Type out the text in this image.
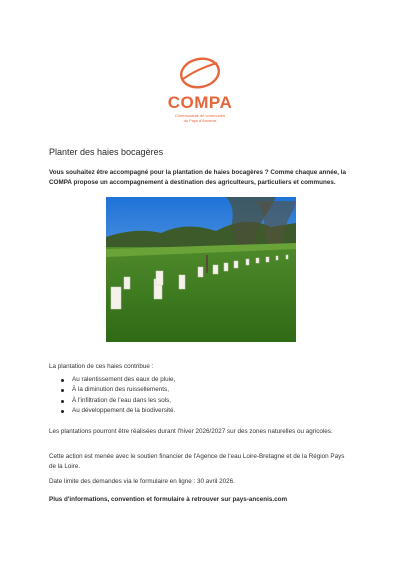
COMPA
Communauté de communes
du Pays d'Ancenis
Planter des haies bocagères
Vous souhaitez être accompagné pour la plantation de haies bocagères ? Comme chaque année, la COMPA propose un accompagnement à destination des agriculteurs, particuliers et communes.
La plantation de ces haies contribue :
Au ralentissement des eaux de pluie,
À la diminution des ruissellements,
À l'infiltration de l'eau dans les sols,
Au développement de la biodiversité.
Les plantations pourront être réalisées durant l'hiver 2026/2027 sur des zones naturelles ou agricoles.
Cette action est menée avec le soutien financier de l'Agence de l'eau Loire-Bretagne et de la Région Pays de la Loire.
Date limite des demandes via le formulaire en ligne : 30 avril 2026.
Plus d'informations, convention et formulaire à retrouver sur pays-ancenis.com
